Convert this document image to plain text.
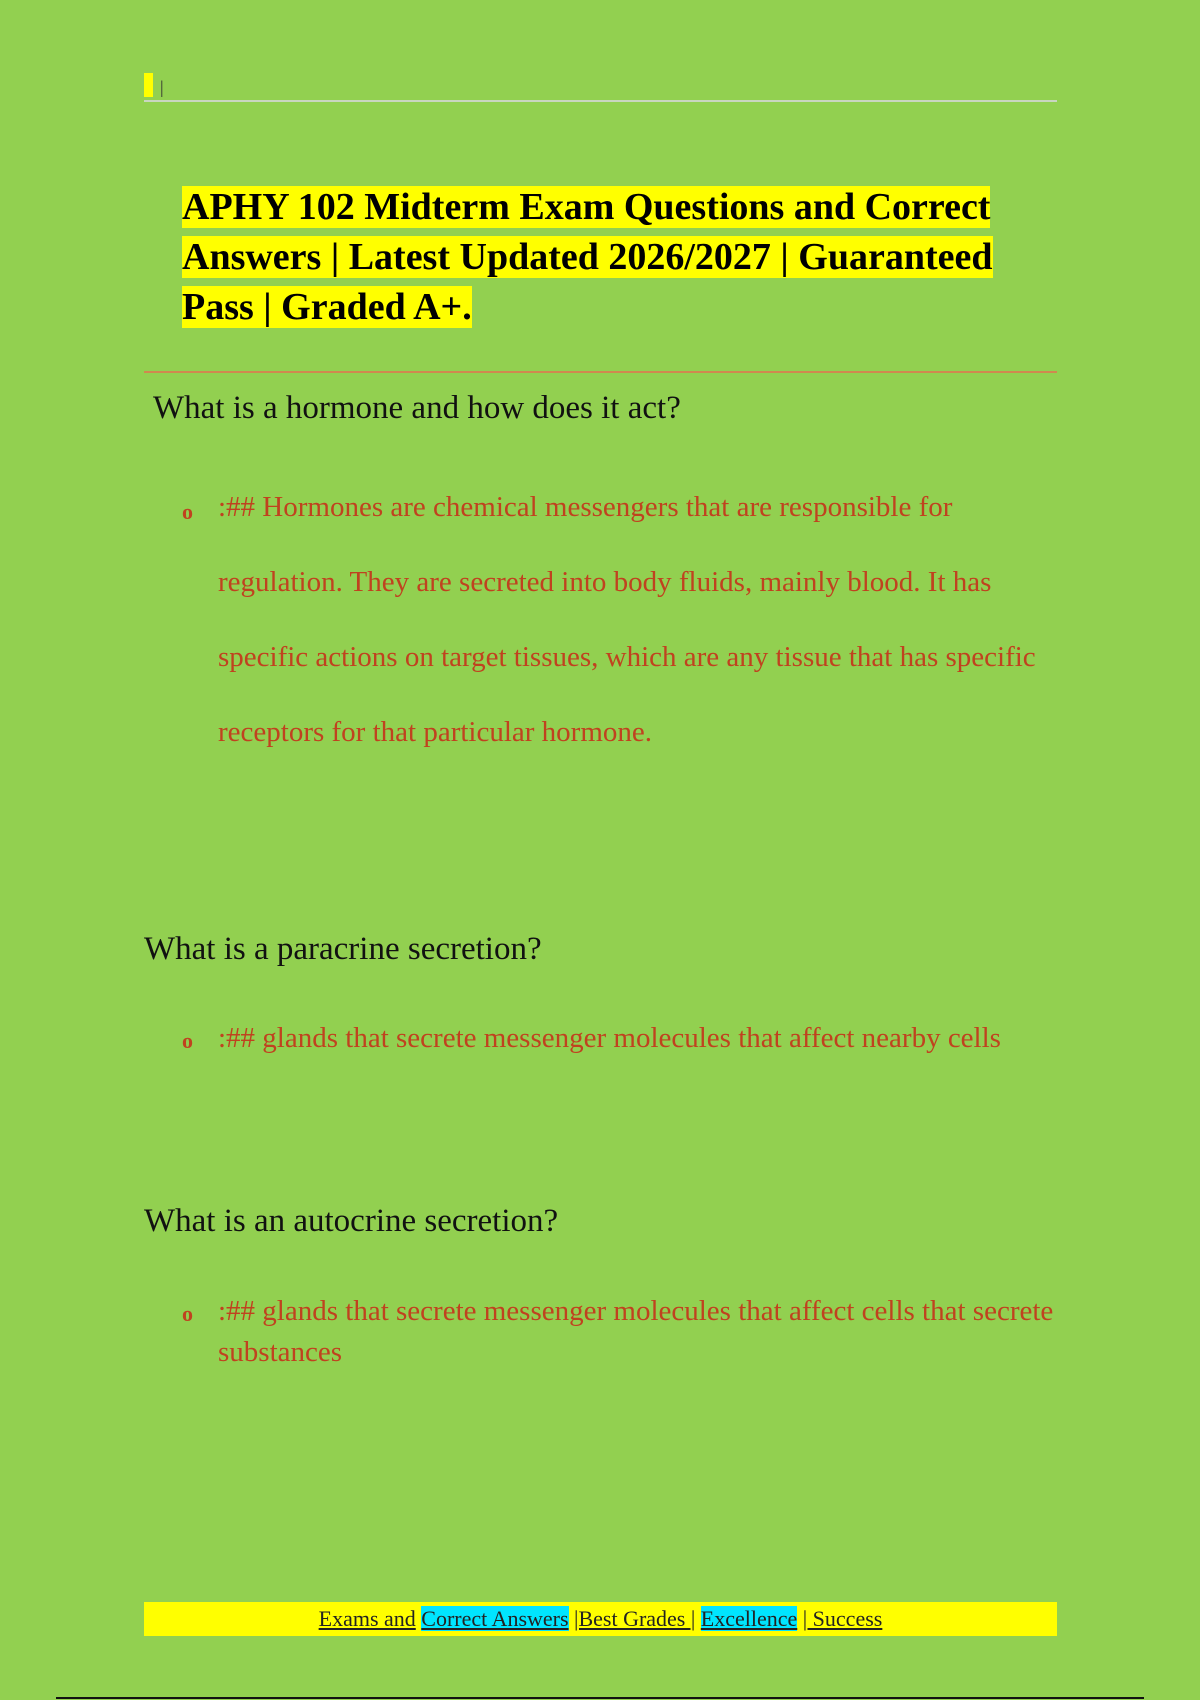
|
APHY 102 Midterm Exam Questions and Correct Answers | Latest Updated 2026/2027 | Guaranteed Pass | Graded A+.

What is a hormone and how does it act?

o :## Hormones are chemical messengers that are responsible for regulation. They are secreted into body fluids, mainly blood. It has specific actions on target tissues, which are any tissue that has specific receptors for that particular hormone.

What is a paracrine secretion?

o :## glands that secrete messenger molecules that affect nearby cells

What is an autocrine secretion?

o :## glands that secrete messenger molecules that affect cells that secrete substances
Exams and Correct Answers |Best Grades | Excellence | Success
